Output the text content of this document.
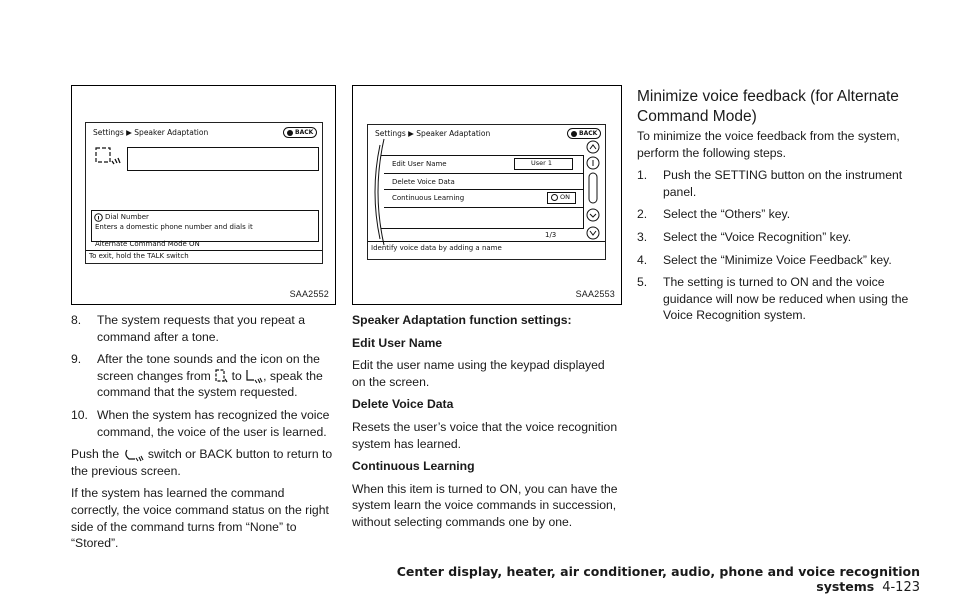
Settings ▶ Speaker Adaptation	BACK
Dial Number
Enters a domestic phone number and dials it
Alternate Command Mode ON
To exit, hold the TALK switch
SAA2552
Settings ▶ Speaker Adaptation	BACK
Edit User Name	User 1
Delete Voice Data
Continuous Learning	ON
1/3
Identify voice data by adding a name
SAA2553
8. The system requests that you repeat a command after a tone.
9. After the tone sounds and the icon on the screen changes from to , speak the command that the system requested.
10. When the system has recognized the voice command, the voice of the user is learned.

Push the switch or BACK button to return to the previous screen.

If the system has learned the command correctly, the voice command status on the right side of the command turns from “None” to “Stored”.

Speaker Adaptation function settings:

Edit User Name

Edit the user name using the keypad displayed on the screen.

Delete Voice Data

Resets the user’s voice that the voice recognition system has learned.

Continuous Learning

When this item is turned to ON, you can have the system learn the voice commands in succession, without selecting commands one by one.

Minimize voice feedback (for Alternate Command Mode)

To minimize the voice feedback from the system, perform the following steps.

1. Push the SETTING button on the instrument panel.
2. Select the “Others” key.
3. Select the “Voice Recognition” key.
4. Select the “Minimize Voice Feedback” key.
5. The setting is turned to ON and the voice guidance will now be reduced when using the Voice Recognition system.
Center display, heater, air conditioner, audio, phone and voice recognition systems 4-123
